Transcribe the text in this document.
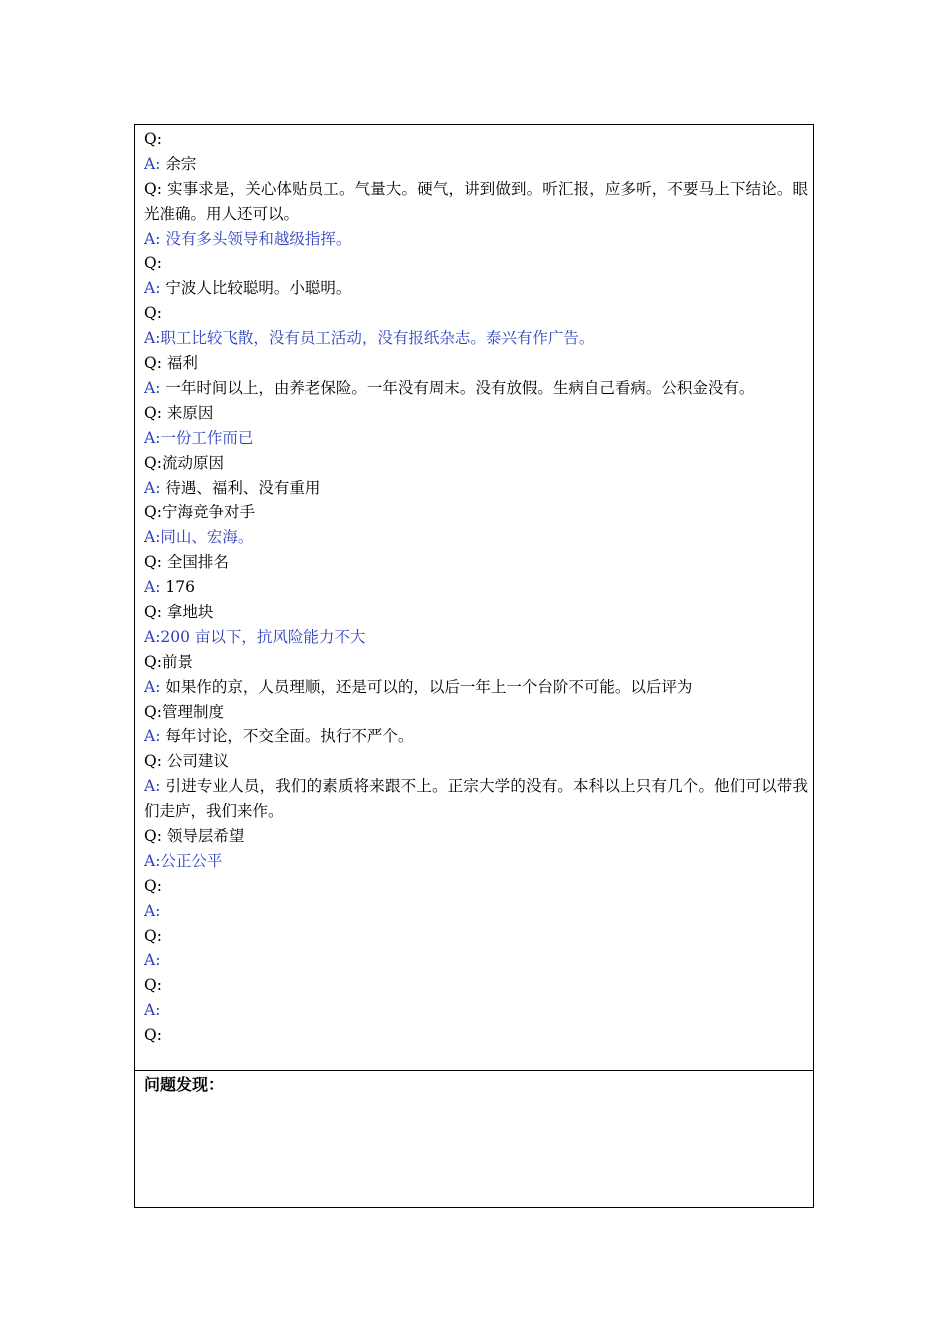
Q:
A: 余宗
Q: 实事求是，关心体贴员工。气量大。硬气，讲到做到。听汇报，应多听，不要马上下结论。眼光准确。用人还可以。
A: 没有多头领导和越级指挥。
Q:
A: 宁波人比较聪明。小聪明。
Q:
A:职工比较飞散，没有员工活动，没有报纸杂志。泰兴有作广告。
Q: 福利
A: 一年时间以上，由养老保险。一年没有周末。没有放假。生病自己看病。公积金没有。
Q: 来原因
A:一份工作而已
Q:流动原因
A: 待遇、福利、没有重用
Q:宁海竞争对手
A:同山、宏海。
Q: 全国排名
A: 176
Q: 拿地块
A:200 亩以下，抗风险能力不大
Q:前景
A: 如果作的京，人员理顺，还是可以的，以后一年上一个台阶不可能。以后评为
Q:管理制度
A: 每年讨论，不交全面。执行不严个。
Q: 公司建议
A: 引进专业人员，我们的素质将来跟不上。正宗大学的没有。本科以上只有几个。他们可以带我们走庐，我们来作。
Q: 领导层希望
A:公正公平
Q:
A:
Q:
A:
Q:
A:
Q:
问题发现：
